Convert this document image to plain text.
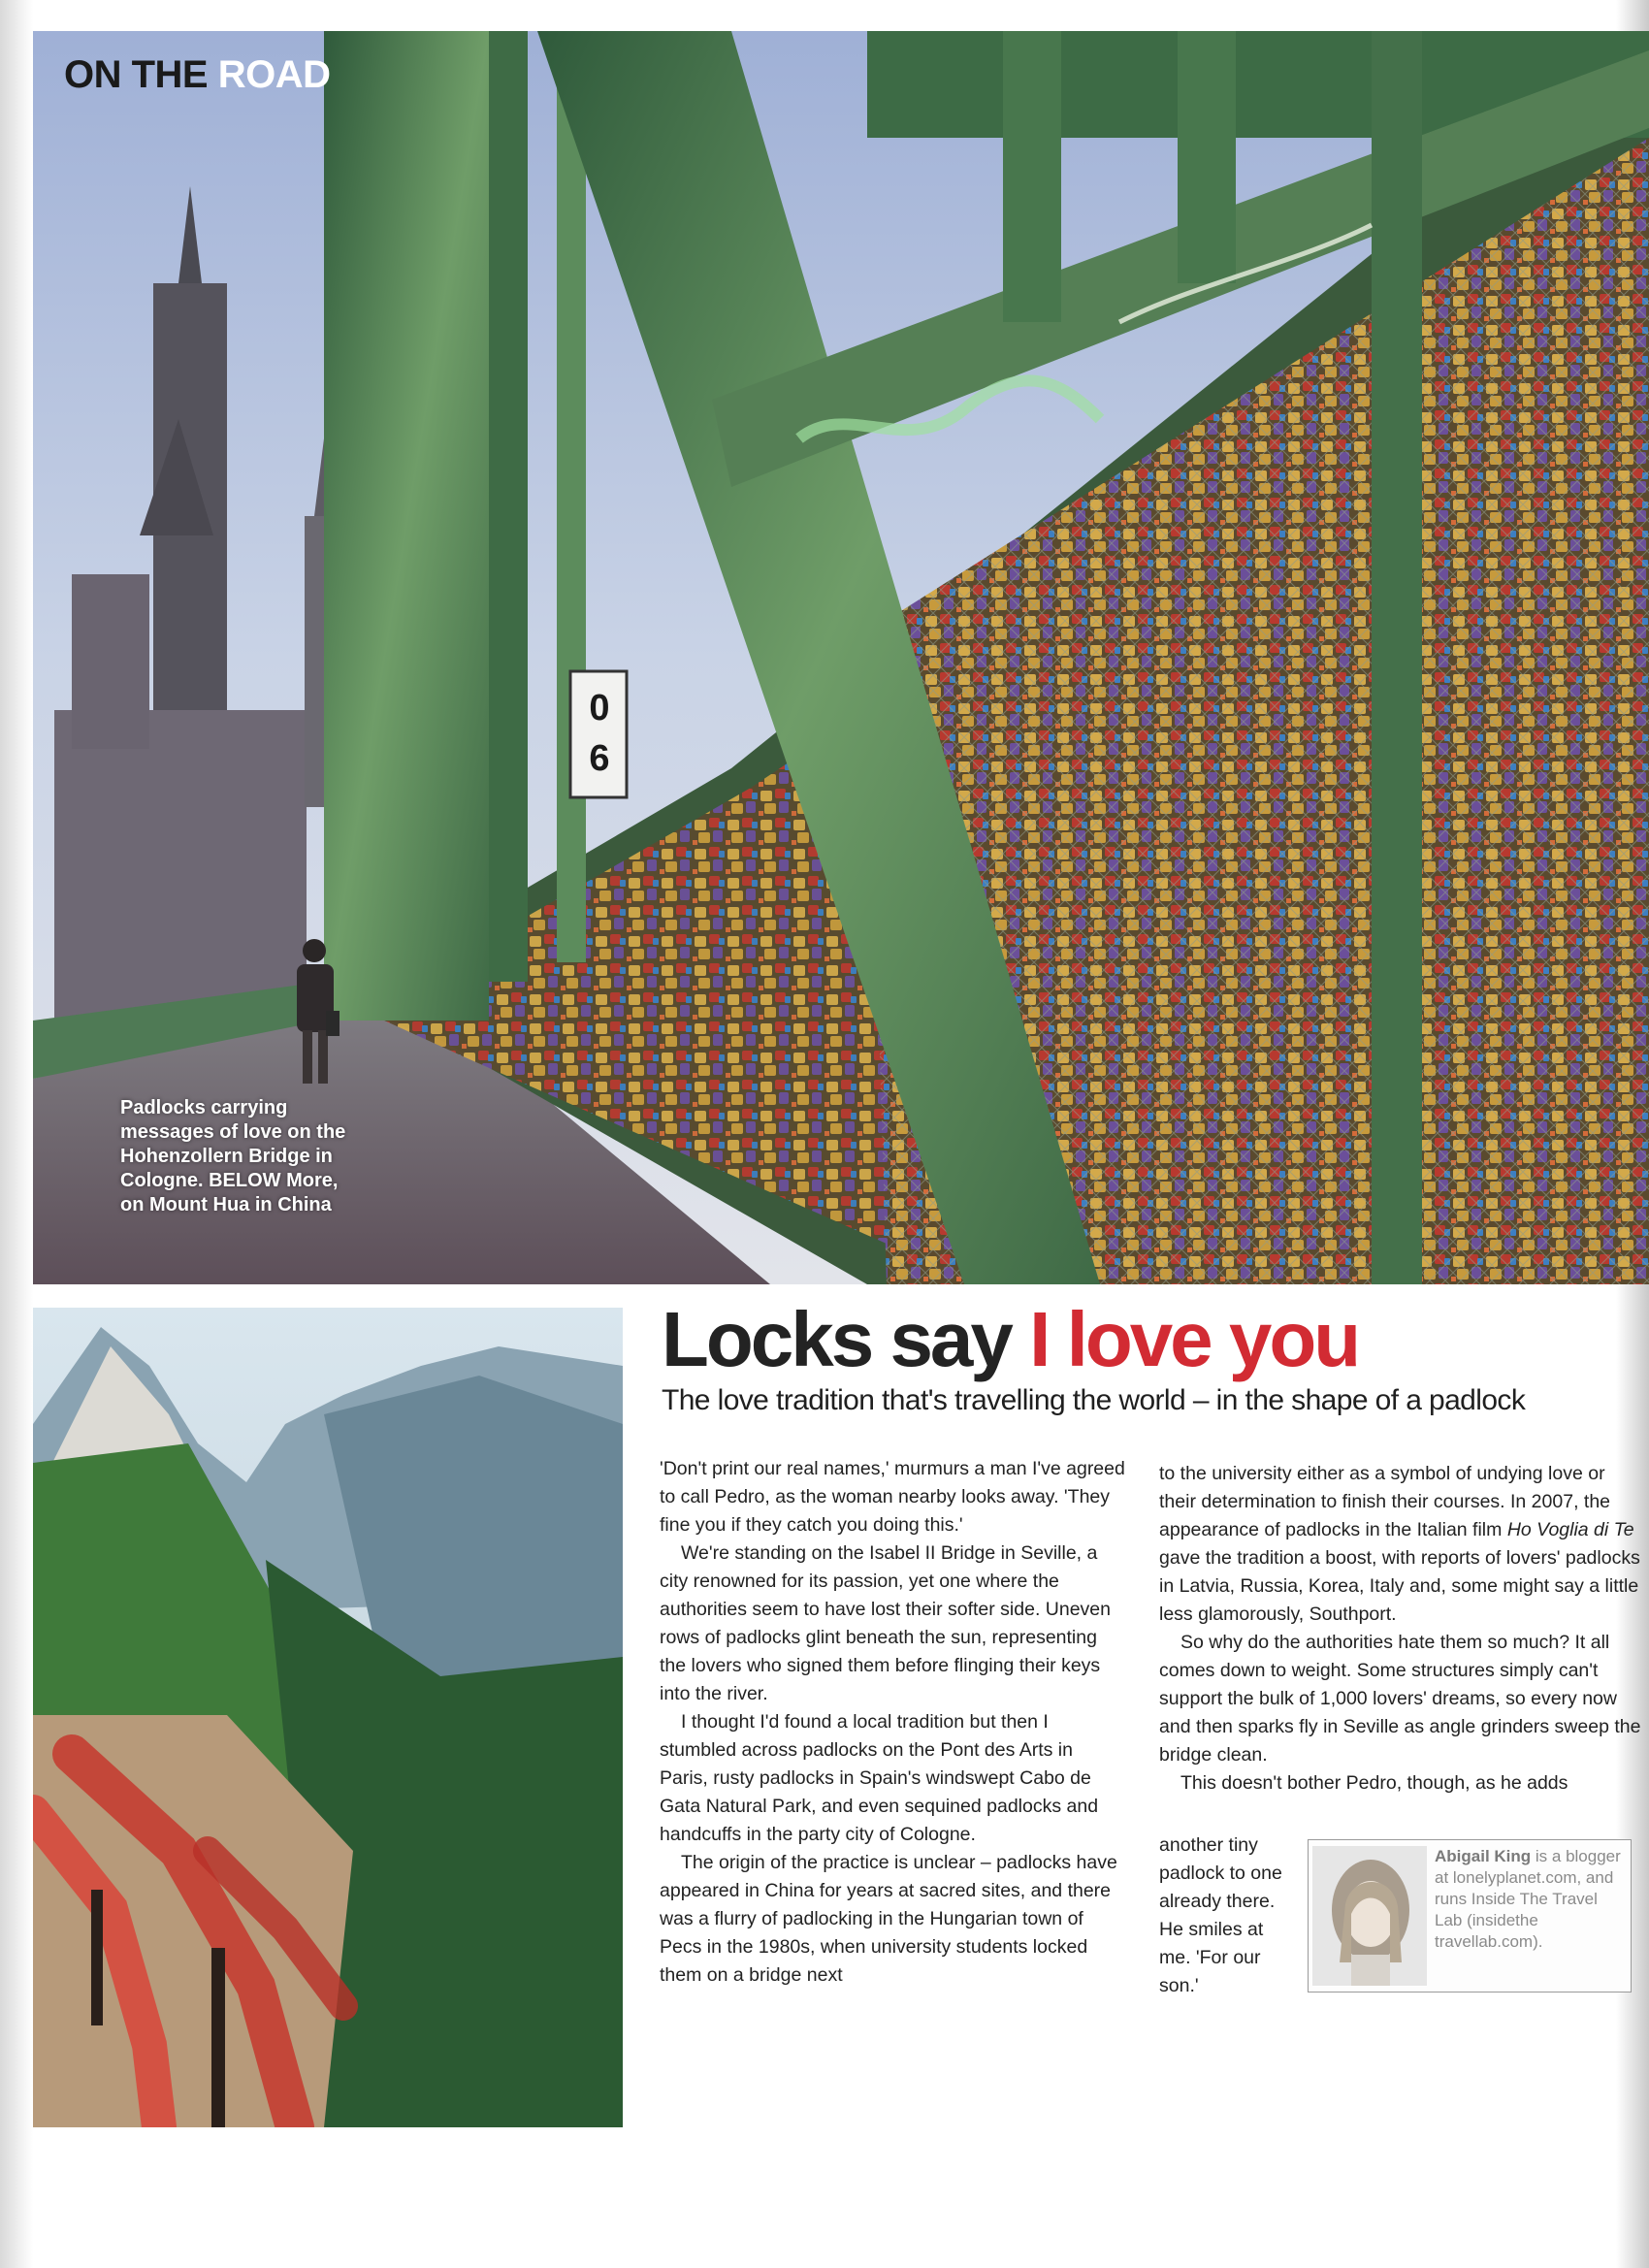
0
6
ON THE ROAD
Padlocks carrying messages of love on the Hohenzollern Bridge in Cologne. BELOW More, on Mount Hua in China
Locks say I love you
The love tradition that's travelling the world – in the shape of a padlock

'Don't print our real names,' murmurs a man I've agreed to call Pedro, as the woman nearby looks away. 'They fine you if they catch you doing this.'

We're standing on the Isabel II Bridge in Seville, a city renowned for its passion, yet one where the authorities seem to have lost their softer side. Uneven rows of padlocks glint beneath the sun, representing the lovers who signed them before flinging their keys into the river.

I thought I'd found a local tradition but then I stumbled across padlocks on the Pont des Arts in Paris, rusty padlocks in Spain's windswept Cabo de Gata Natural Park, and even sequined padlocks and handcuffs in the party city of Cologne.

The origin of the practice is unclear – padlocks have appeared in China for years at sacred sites, and there was a flurry of padlocking in the Hungarian town of Pecs in the 1980s, when university students locked them on a bridge next

to the university either as a symbol of undying love or their determination to finish their courses. In 2007, the appearance of padlocks in the Italian film Ho Voglia di Te gave the tradition a boost, with reports of lovers' padlocks in Latvia, Russia, Korea, Italy and, some might say a little less glamorously, Southport.

So why do the authorities hate them so much? It all comes down to weight. Some structures simply can't support the bulk of 1,000 lovers' dreams, so every now and then sparks fly in Seville as angle grinders sweep the bridge clean.

This doesn't bother Pedro, though, as he adds

another tiny padlock to one already there. He smiles at me. 'For our son.'
Abigail King is a blogger at lonelyplanet.com, and runs Inside The Travel Lab (insidethe travellab.com).
